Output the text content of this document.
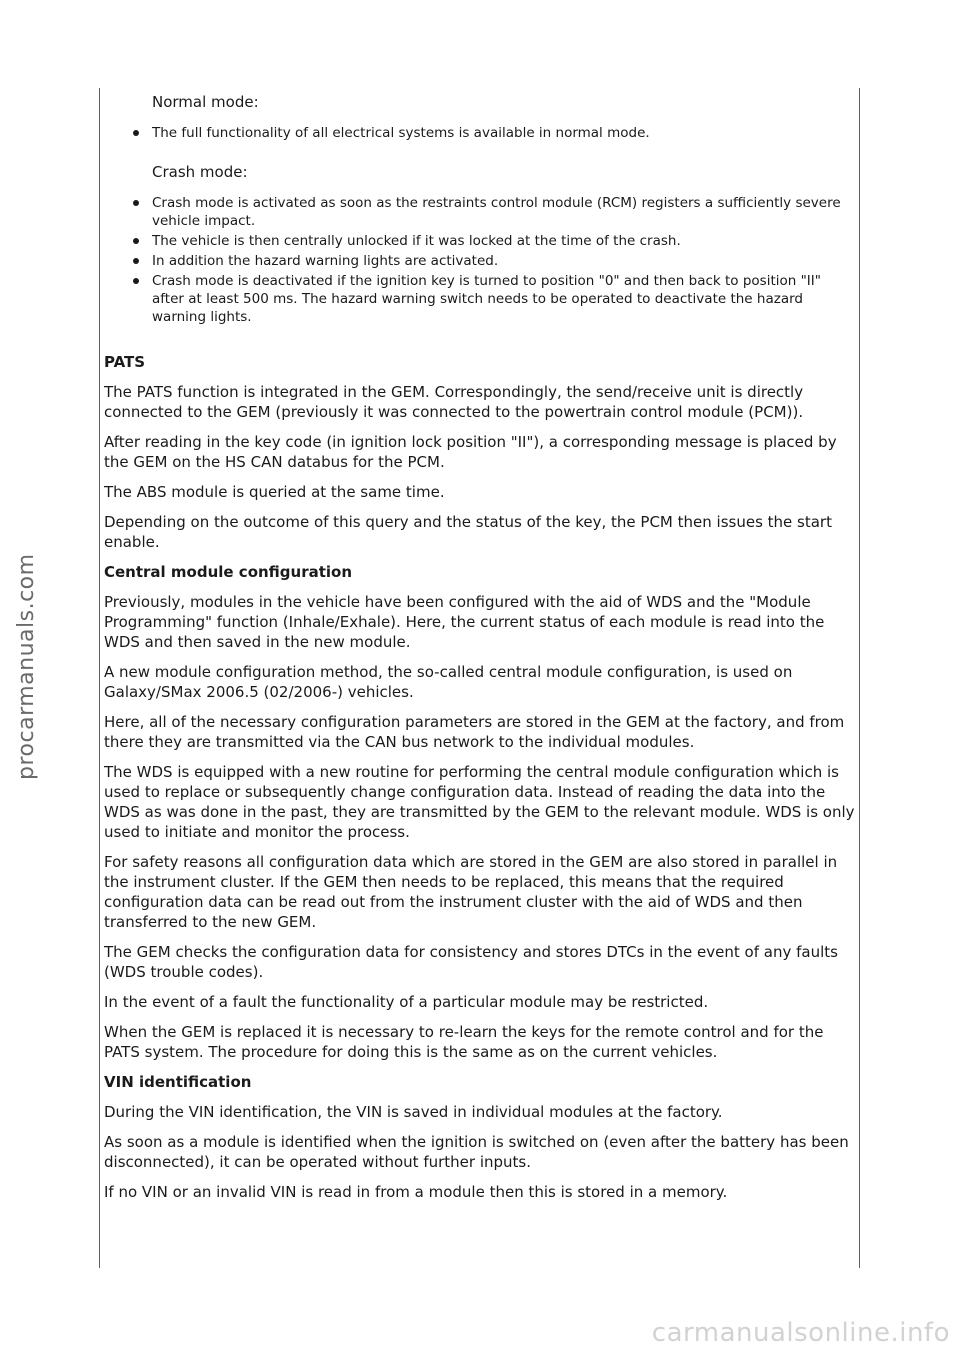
Normal mode:
The full functionality of all electrical systems is available in normal mode.
Crash mode:
Crash mode is activated as soon as the restraints control module (RCM) registers a sufficiently severe vehicle impact.
The vehicle is then centrally unlocked if it was locked at the time of the crash.
In addition the hazard warning lights are activated.
Crash mode is deactivated if the ignition key is turned to position "0" and then back to position "II" after at least 500 ms. The hazard warning switch needs to be operated to deactivate the hazard warning lights.
PATS

The PATS function is integrated in the GEM. Correspondingly, the send/receive unit is directly connected to the GEM (previously it was connected to the powertrain control module (PCM)).

After reading in the key code (in ignition lock position "II"), a corresponding message is placed by the GEM on the HS CAN databus for the PCM.

The ABS module is queried at the same time.

Depending on the outcome of this query and the status of the key, the PCM then issues the start enable.

Central module configuration

Previously, modules in the vehicle have been configured with the aid of WDS and the "Module Programming" function (Inhale/Exhale). Here, the current status of each module is read into the WDS and then saved in the new module.

A new module configuration method, the so-called central module configuration, is used on Galaxy/SMax 2006.5 (02/2006-) vehicles.

Here, all of the necessary configuration parameters are stored in the GEM at the factory, and from there they are transmitted via the CAN bus network to the individual modules.

The WDS is equipped with a new routine for performing the central module configuration which is used to replace or subsequently change configuration data. Instead of reading the data into the WDS as was done in the past, they are transmitted by the GEM to the relevant module. WDS is only used to initiate and monitor the process.

For safety reasons all configuration data which are stored in the GEM are also stored in parallel in the instrument cluster. If the GEM then needs to be replaced, this means that the required configuration data can be read out from the instrument cluster with the aid of WDS and then transferred to the new GEM.

The GEM checks the configuration data for consistency and stores DTCs in the event of any faults (WDS trouble codes).

In the event of a fault the functionality of a particular module may be restricted.

When the GEM is replaced it is necessary to re-learn the keys for the remote control and for the PATS system. The procedure for doing this is the same as on the current vehicles.

VIN identification

During the VIN identification, the VIN is saved in individual modules at the factory.

As soon as a module is identified when the ignition is switched on (even after the battery has been disconnected), it can be operated without further inputs.

If no VIN or an invalid VIN is read in from a module then this is stored in a memory.

procarmanuals.com
carmanualsonline.info
